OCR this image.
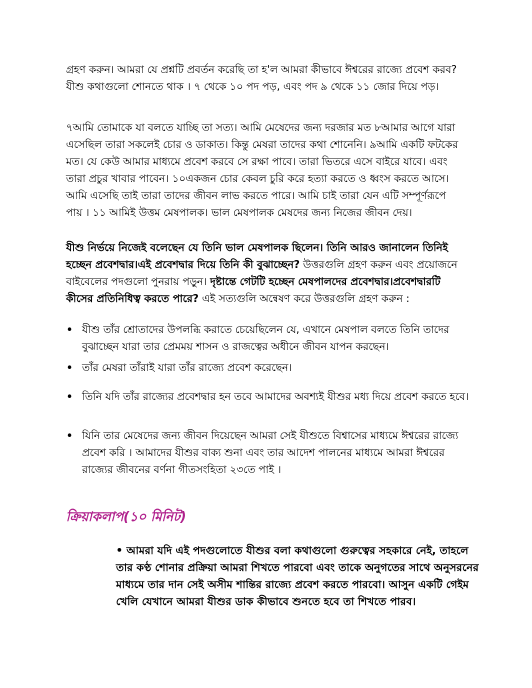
গ্রহণ করুন। আমরা যে প্রশ্নটি প্রবর্তন করেছি তা হ'ল আমরা কীভাবে ঈশ্বরের রাজ্যে প্রবেশ করব? যীশু কথাগুলো শোনতে থাক । ৭ থেকে ১০ পদ পড়, এবং পদ ৯ থেকে ১১ জোর দিয়ে পড়।

৭আমি তোমাকে যা বলতে যাচ্ছি তা সত্য। আমি মেষেদের জন্য দরজার মত ৮আমার আগে যারা এসেছিল তারা সকলেই চোর ও ডাকাত। কিন্তু মেষরা তাদের কথা শোনেনি। ৯আমি একটি ফটকের মত। যে কেউ আমার মাধ্যমে প্রবেশ করবে সে রক্ষা পাবে। তারা ভিতরে এসে বাইরে যাবে। এবং তারা প্রচুর খাবার পাবেন। ১০একজন চোর কেবল চুরি করে হত্যা করতে ও ধ্বংস করতে আসে। আমি এসেছি তাই তারা তাদের জীবন লাভ করতে পারে। আমি চাই তারা যেন এটি সম্পূর্ণরূপে পায় । ১১ আমিই উত্তম মেষপালক। ভাল মেষপালক মেষদের জন্য নিজের জীবন দেয়।

যীশু নির্ভয়ে নিজেই বলেছেন যে তিনি ভাল মেষপালক ছিলেন। তিনি আরও জানালেন তিনিই হচ্ছেন প্রবেশদ্বার।এই প্রবেশদ্বার দিয়ে তিনি কী বুঝাচ্ছেন? উত্তরগুলি গ্রহণ করুন এবং প্রয়োজনে বাইবেলের পদগুলো পুনরায় পড়ুন। দৃষ্টান্তে গেটটি হচ্ছেন মেষপালদের প্রবেশদ্বার।প্রবেশদ্বারটি কীসের প্রতিনিধিত্ব করতে পারে? এই সত্যগুলি অন্বেষণ করে উত্তরগুলি গ্রহণ করুন :

• যীশু তাঁর শ্রোতাদের উপলব্ধি করাতে চেয়েছিলেন যে, এখানে মেষপাল বলতে তিনি তাদের বুঝাচ্ছেন যারা তার প্রেমময় শাসন ও রাজত্বের অধীনে জীবন যাপন করছেন।
• তাঁর মেষরা তাঁরাই যারা তাঁর রাজ্যে প্রবেশ করেছেন।
• তিনি যদি তাঁর রাজ্যের প্রবেশদ্বার হন তবে আমাদের অবশ্যই যীশুর মধ্য দিয়ে প্রবেশ করতে হবে।
• যিনি তার মেষেদের জন্য জীবন দিয়েছেন আমরা সেই যীশুতে বিশ্বাসের মাধ্যমে ঈশ্বরের রাজ্যে প্রবেশ করি । আমাদের যীশুর বাক্য শুনা এবং তার আদেশ পালনের মাধ্যমে আমরা ঈশ্বরের রাজ্যের জীবনের বর্ণনা গীতসংহিতা ২৩তে পাই ।
ক্রিয়াকলাপ(১০ মিনিট)
• আমরা যদি এই পদগুলোতে যীশুর বলা কথাগুলো গুরুত্বের সহকারে নেই, তাহলে তার কণ্ঠ শোনার প্রক্রিয়া আমরা শিখতে পারবো এবং তাকে অনুগতের সাথে অনুসরনের মাধ্যমে তার দান সেই অসীম শান্তির রাজ্যে প্রবেশ করতে পারবো। আসুন একটি গেইম খেলি যেখানে আমরা যীশুর ডাক কীভাবে শুনতে হবে তা শিখতে পারব।
